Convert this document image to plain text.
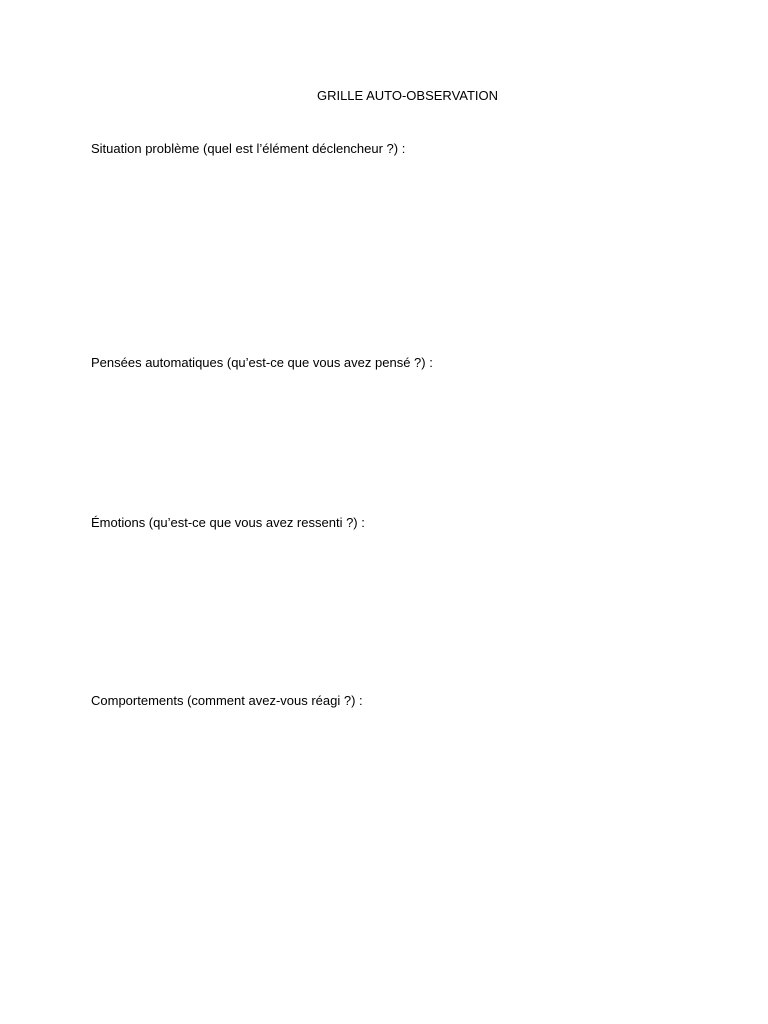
GRILLE AUTO-OBSERVATION
Situation problème (quel est l’élément déclencheur ?) :
Pensées automatiques (qu’est-ce que vous avez pensé ?) :
Émotions (qu’est-ce que vous avez ressenti ?) :
Comportements (comment avez-vous réagi ?) :
